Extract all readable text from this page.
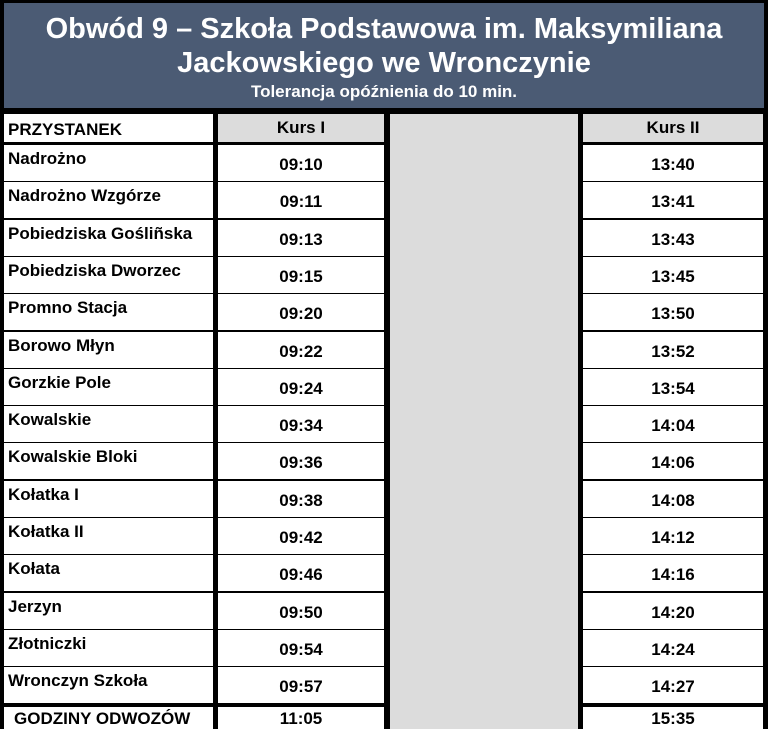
Obwód 9 – Szkoła Podstawowa im. Maksymiliana
Jackowskiego we Wronczynie
Tolerancja opóźnienia do 10 min.
PRZYSTANEK	Kurs I	Kurs II
Nadrożno	09:10	13:40
Nadrożno Wzgórze	09:11	13:41
Pobiedziska Gośliñska	09:13	13:43
Pobiedziska Dworzec	09:15	13:45
Promno Stacja	09:20	13:50
Borowo Młyn	09:22	13:52
Gorzkie Pole	09:24	13:54
Kowalskie	09:34	14:04
Kowalskie Bloki	09:36	14:06
Kołatka I	09:38	14:08
Kołatka II	09:42	14:12
Kołata	09:46	14:16
Jerzyn	09:50	14:20
Złotniczki	09:54	14:24
Wronczyn Szkoła	09:57	14:27
GODZINY ODWOZÓW	11:05	15:35
